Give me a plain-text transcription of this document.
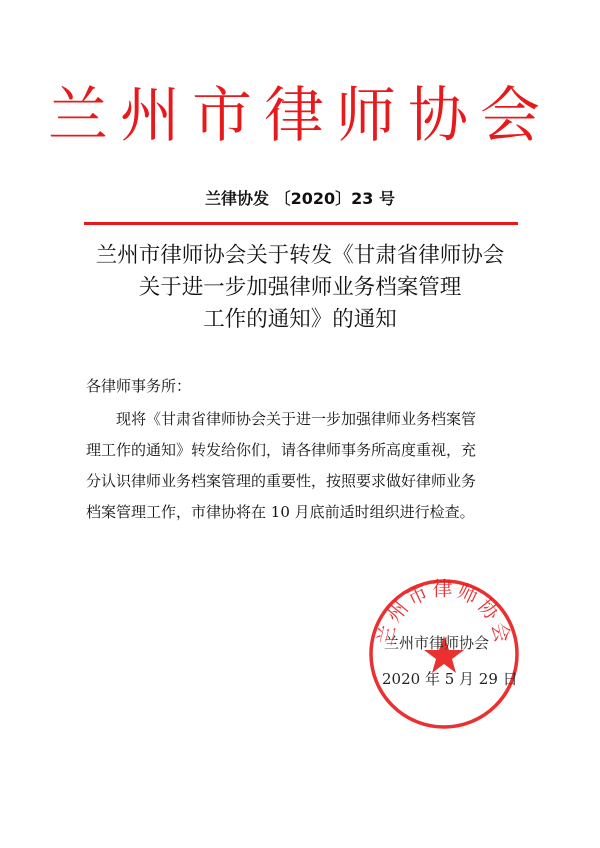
兰州市律师协会
兰律协发 〔2020〕23 号
兰州市律师协会关于转发《甘肃省律师协会
关于进一步加强律师业务档案管理
工作的通知》的通知
各律师事务所：
现将《甘肃省律师协会关于进一步加强律师业务档案管
理工作的通知》转发给你们，请各律师事务所高度重视，充
分认识律师业务档案管理的重要性，按照要求做好律师业务
档案管理工作，市律协将在 10 月底前适时组织进行检查。
兰州市律师协会
兰州市律师协会
2020 年 5 月 29 日
